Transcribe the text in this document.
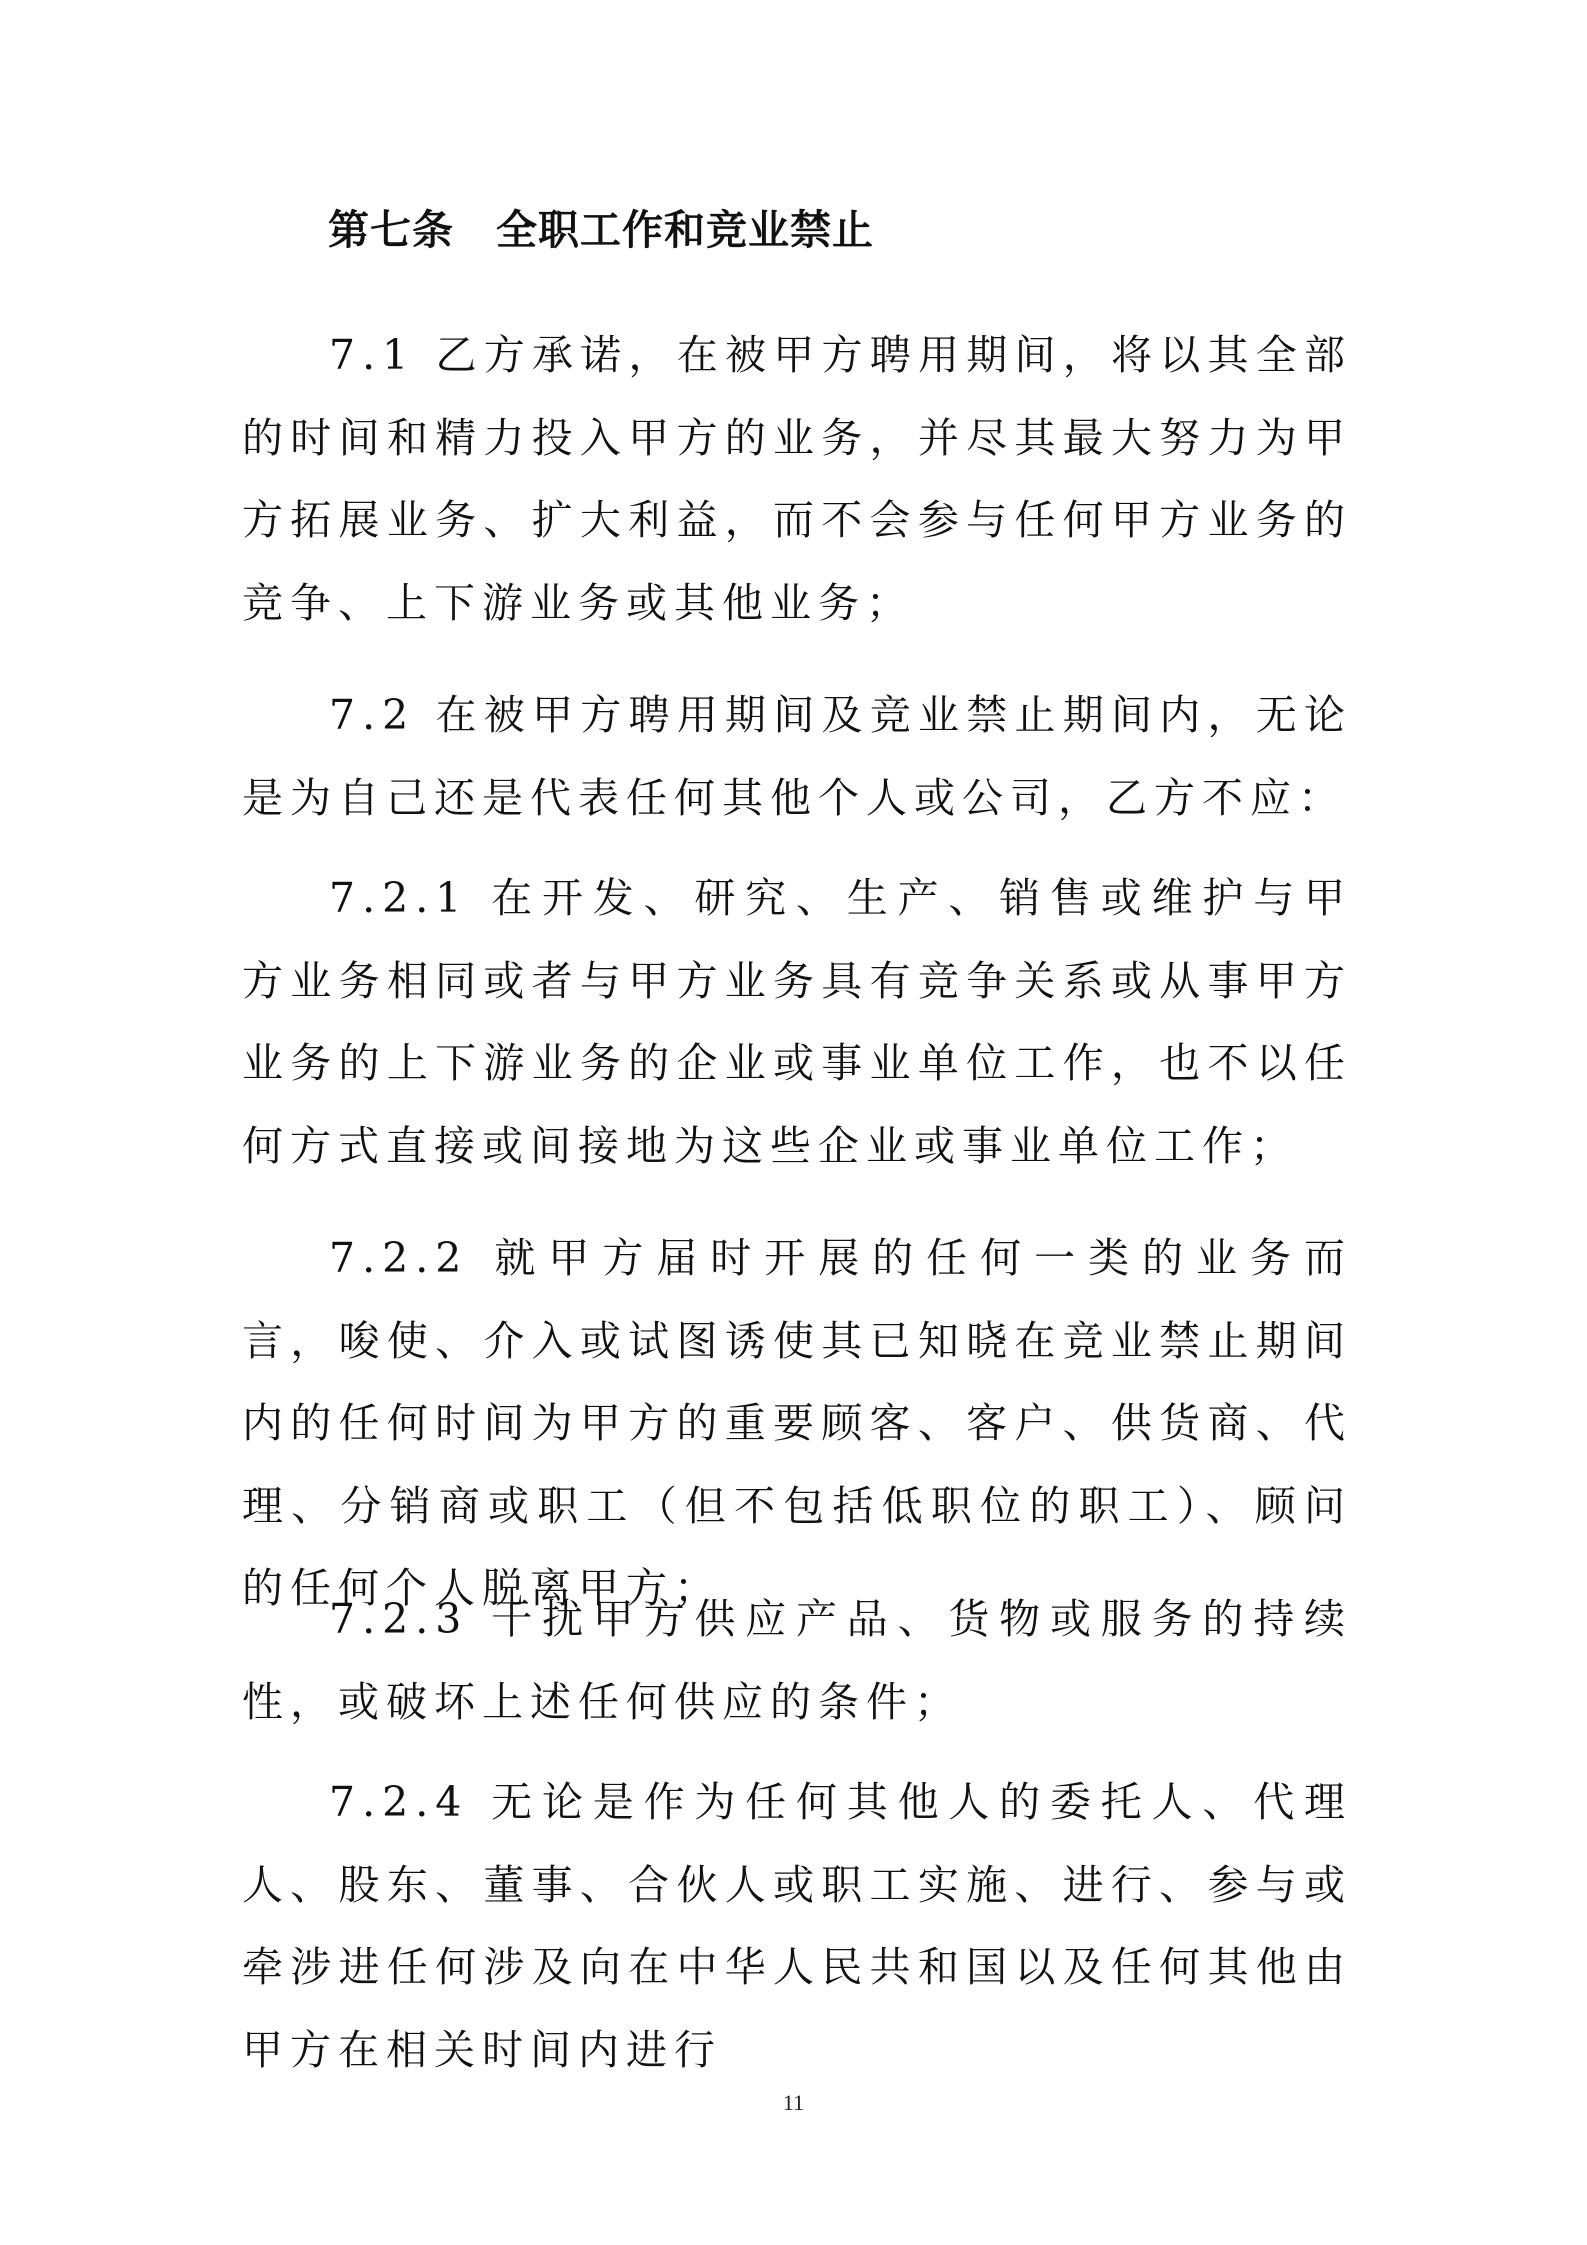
第七条　全职工作和竞业禁止

7.1 乙方承诺，在被甲方聘用期间，将以其全部的时间和精力投入甲方的业务，并尽其最大努力为甲方拓展业务、扩大利益，而不会参与任何甲方业务的竞争、上下游业务或其他业务；

7.2 在被甲方聘用期间及竞业禁止期间内，无论是为自己还是代表任何其他个人或公司，乙方不应：

7.2.1 在开发、研究、生产、销售或维护与甲方业务相同或者与甲方业务具有竞争关系或从事甲方业务的上下游业务的企业或事业单位工作，也不以任何方式直接或间接地为这些企业或事业单位工作；

7.2.2 就甲方届时开展的任何一类的业务而言，唆使、介入或试图诱使其已知晓在竞业禁止期间内的任何时间为甲方的重要顾客、客户、供货商、代理、分销商或职工（但不包括低职位的职工）、顾问的任何个人脱离甲方；

7.2.3 干扰甲方供应产品、货物或服务的持续性，或破坏上述任何供应的条件；

7.2.4 无论是作为任何其他人的委托人、代理人、股东、董事、合伙人或职工实施、进行、参与或牵涉进任何涉及向在中华人民共和国以及任何其他由甲方在相关时间内进行

11
